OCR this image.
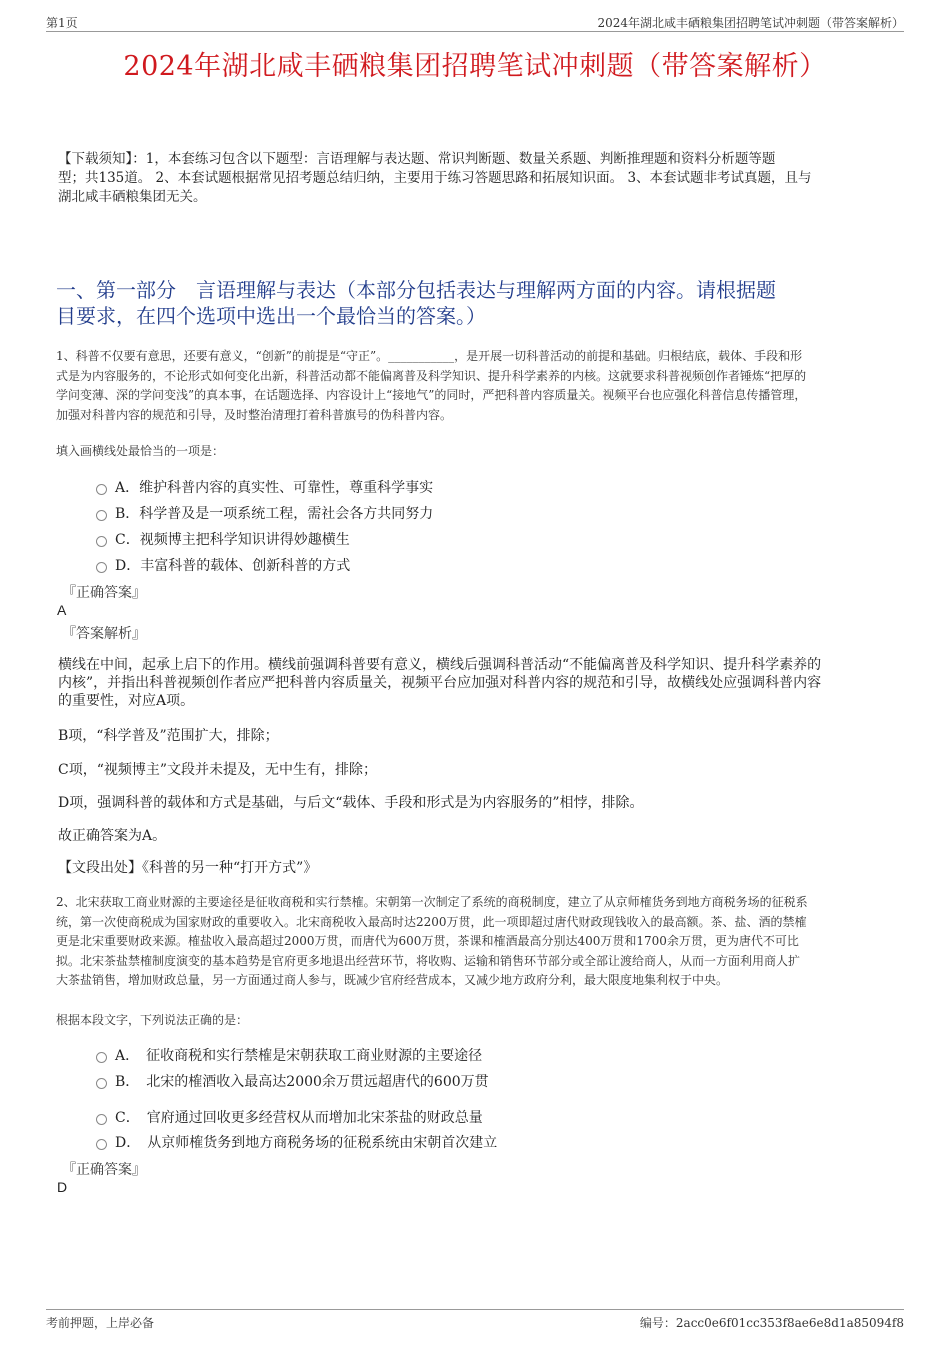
第1页	2024年湖北咸丰硒粮集团招聘笔试冲刺题（带答案解析）
2024年湖北咸丰硒粮集团招聘笔试冲刺题（带答案解析）
【下载须知】：1，本套练习包含以下题型：言语理解与表达题、常识判断题、数量关系题、判断推理题和资料分析题等题
型；共135道。 2、本套试题根据常见招考题总结归纳，主要用于练习答题思路和拓展知识面。 3、本套试题非考试真题，且与
湖北咸丰硒粮集团无关。
一、第一部分　言语理解与表达（本部分包括表达与理解两方面的内容。请根据题
目要求，在四个选项中选出一个最恰当的答案。）
1、科普不仅要有意思，还要有意义，“创新”的前提是“守正”。___________，是开展一切科普活动的前提和基础。归根结底，载体、手段和形
式是为内容服务的，不论形式如何变化出新，科普活动都不能偏离普及科学知识、提升科学素养的内核。这就要求科普视频创作者锤炼“把厚的
学问变薄、深的学问变浅”的真本事，在话题选择、内容设计上“接地气”的同时，严把科普内容质量关。视频平台也应强化科普信息传播管理，
加强对科普内容的规范和引导，及时整治清理打着科普旗号的伪科普内容。
填入画横线处最恰当的一项是：
A．维护科普内容的真实性、可靠性，尊重科学事实
B．科学普及是一项系统工程，需社会各方共同努力
C．视频博主把科学知识讲得妙趣横生
D．丰富科普的载体、创新科普的方式
『正确答案』
A
『答案解析』
横线在中间，起承上启下的作用。横线前强调科普要有意义，横线后强调科普活动“不能偏离普及科学知识、提升科学素养的
内核”，并指出科普视频创作者应严把科普内容质量关，视频平台应加强对科普内容的规范和引导，故横线处应强调科普内容
的重要性，对应A项。
B项，“科学普及”范围扩大，排除；
C项，“视频博主”文段并未提及，无中生有，排除；
D项，强调科普的载体和方式是基础，与后文“载体、手段和形式是为内容服务的”相悖，排除。
故正确答案为A。
【文段出处】《科普的另一种“打开方式”》
2、北宋获取工商业财源的主要途径是征收商税和实行禁榷。宋朝第一次制定了系统的商税制度，建立了从京师榷货务到地方商税务场的征税系
统，第一次使商税成为国家财政的重要收入。北宋商税收入最高时达2200万贯，此一项即超过唐代财政现钱收入的最高额。茶、盐、酒的禁榷
更是北宋重要财政来源。榷盐收入最高超过2000万贯，而唐代为600万贯，茶课和榷酒最高分别达400万贯和1700余万贯，更为唐代不可比
拟。北宋茶盐禁榷制度演变的基本趋势是官府更多地退出经营环节，将收购、运输和销售环节部分或全部让渡给商人，从而一方面利用商人扩
大茶盐销售，增加财政总量，另一方面通过商人参与，既减少官府经营成本，又减少地方政府分利，最大限度地集利权于中央。
根据本段文字，下列说法正确的是：
A．　征收商税和实行禁榷是宋朝获取工商业财源的主要途径
B．　北宋的榷酒收入最高达2000余万贯远超唐代的600万贯
C．　官府通过回收更多经营权从而增加北宋茶盐的财政总量
D．　从京师榷货务到地方商税务场的征税系统由宋朝首次建立
『正确答案』
D
考前押题，上岸必备	编号：2acc0e6f01cc353f8ae6e8d1a85094f8
